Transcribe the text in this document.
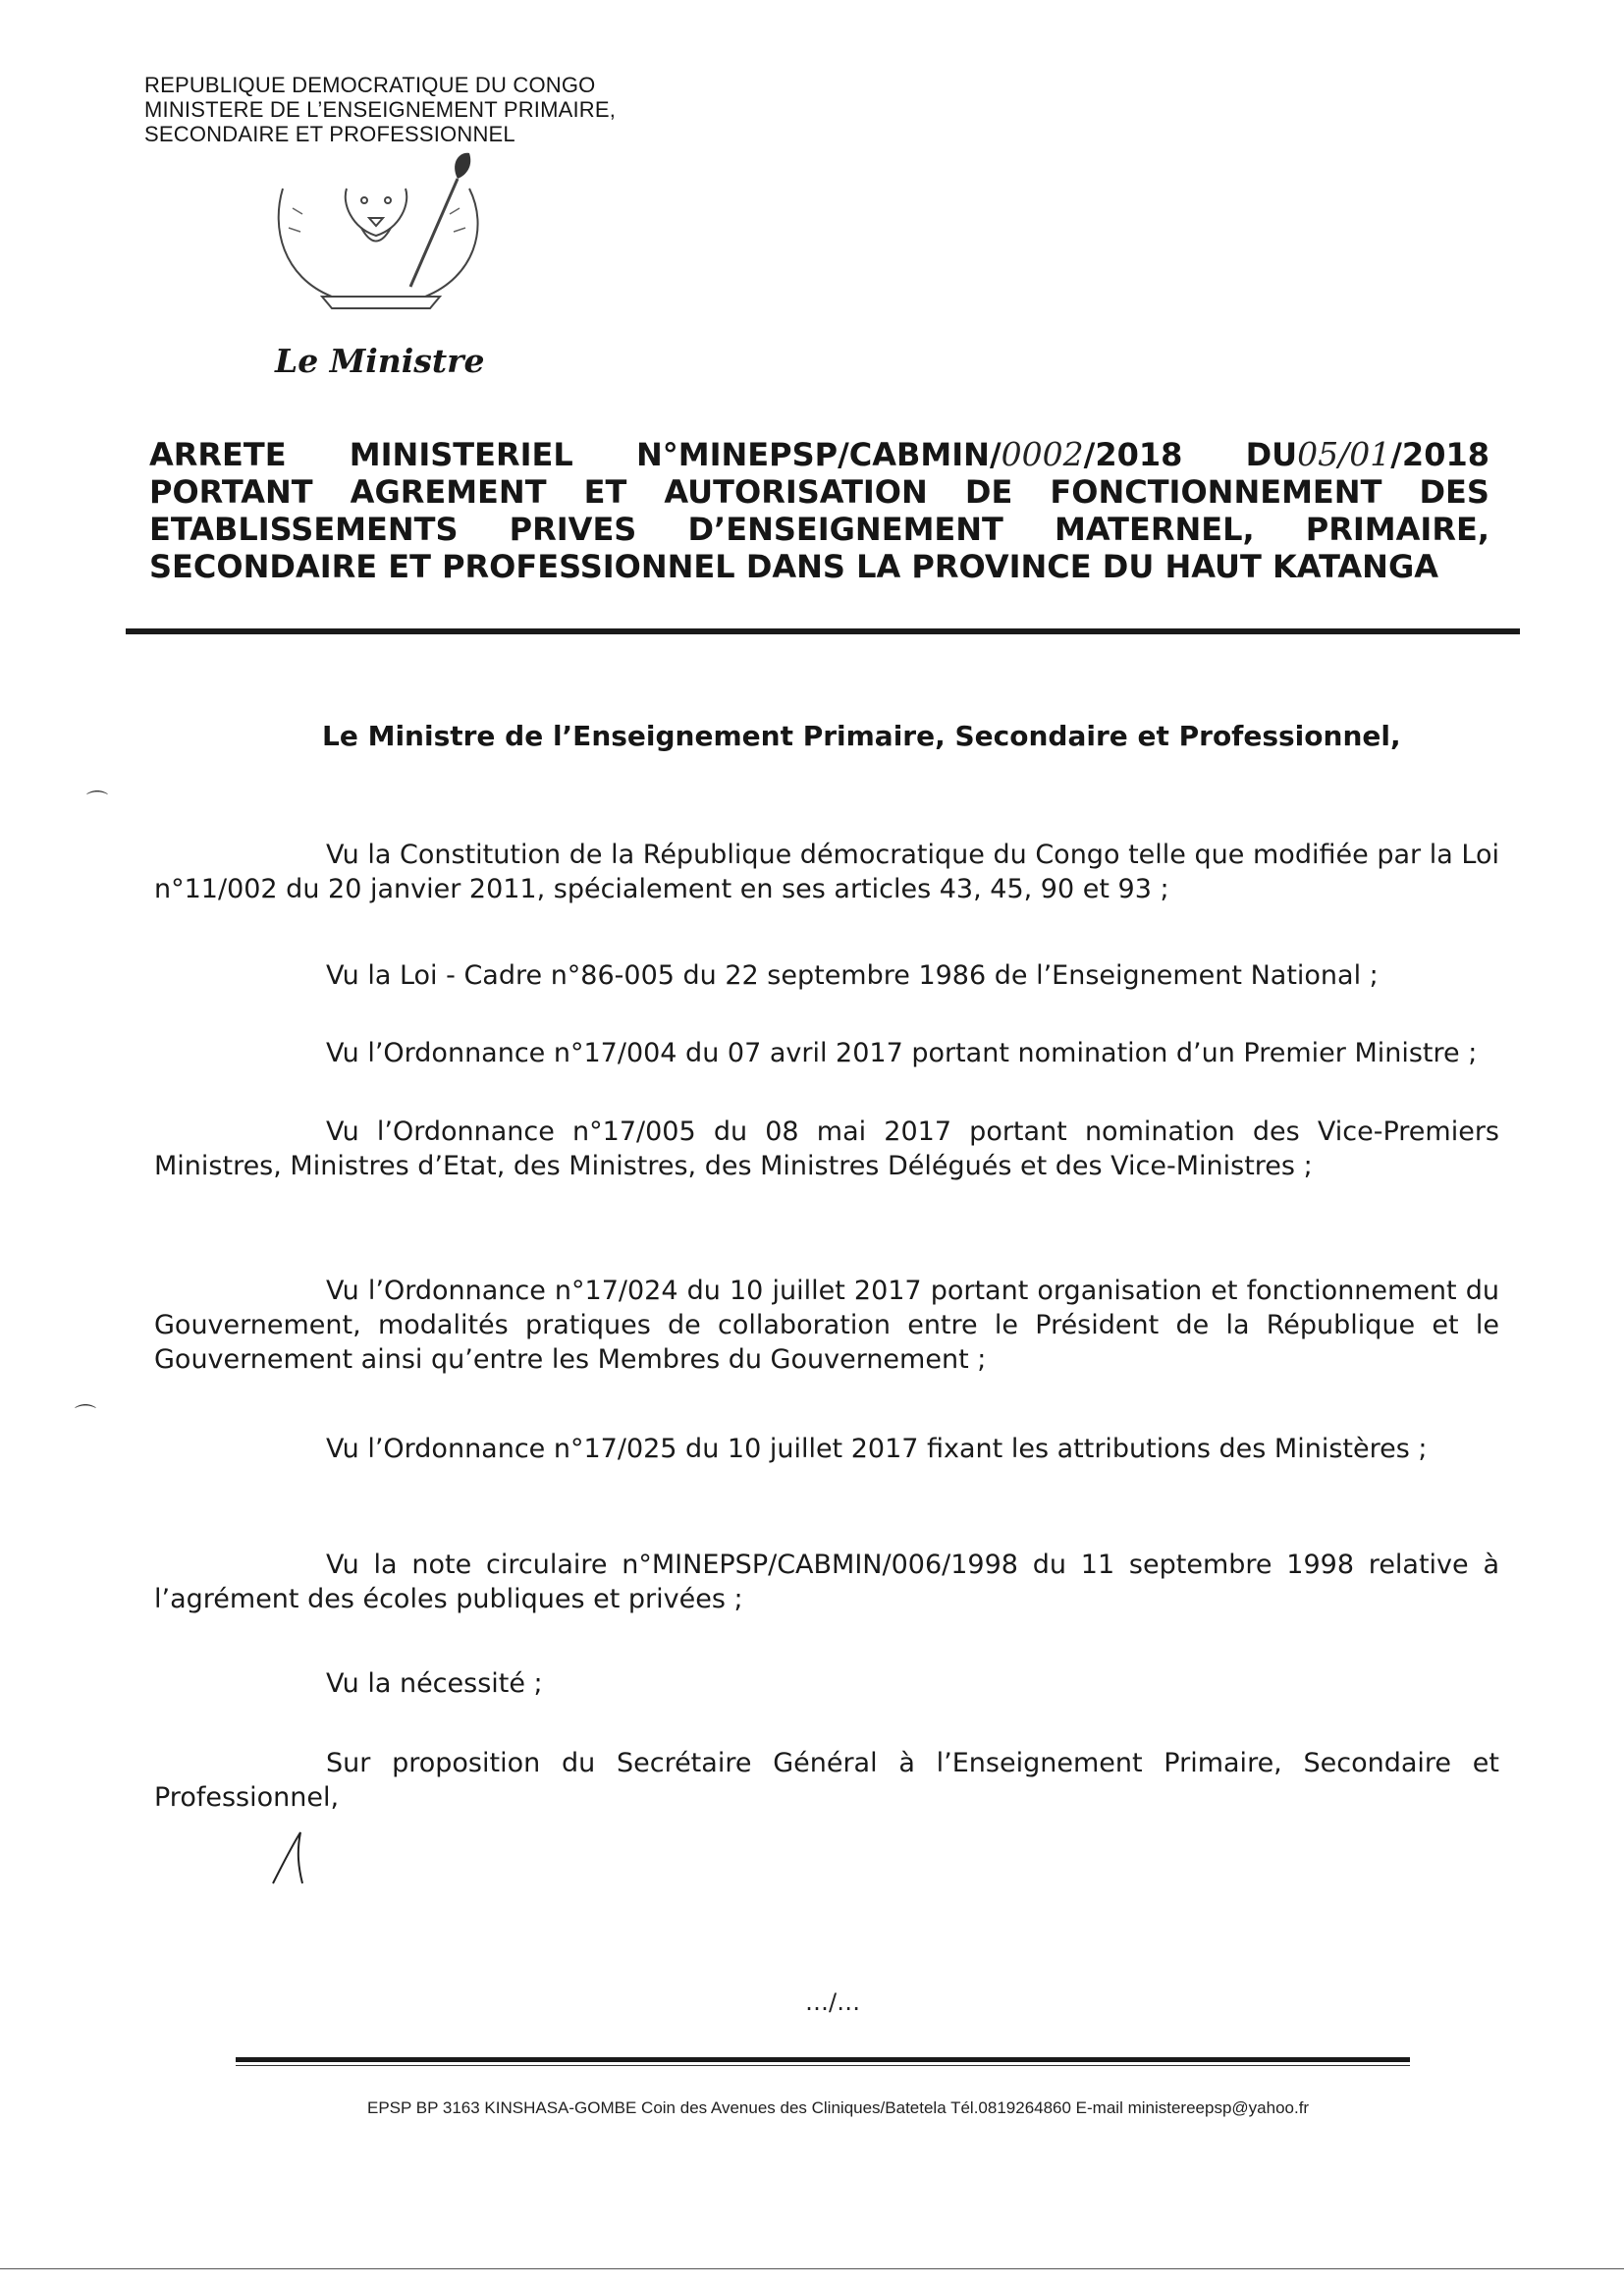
REPUBLIQUE DEMOCRATIQUE DU CONGO
MINISTERE DE L’ENSEIGNEMENT PRIMAIRE,
SECONDAIRE ET PROFESSIONNEL
Le Ministre
ARRETE MINISTERIEL N°MINEPSP/CABMIN/0002/2018 DU05/01/2018
PORTANT AGREMENT ET AUTORISATION DE FONCTIONNEMENT DES
ETABLISSEMENTS PRIVES D’ENSEIGNEMENT MATERNEL, PRIMAIRE,
SECONDAIRE ET PROFESSIONNEL DANS LA PROVINCE DU HAUT KATANGA
Le Ministre de l’Enseignement Primaire, Secondaire et Professionnel,
⌒
⌒

Vu la Constitution de la République démocratique du Congo telle que modifiée par la Loi n°11/002 du 20 janvier 2011, spécialement en ses articles 43, 45, 90 et 93 ;

Vu la Loi - Cadre n°86-005 du 22 septembre 1986 de l’Enseignement National ;

Vu l’Ordonnance n°17/004 du 07 avril 2017 portant nomination d’un Premier Ministre ;

Vu l’Ordonnance n°17/005 du 08 mai 2017 portant nomination des Vice-Premiers Ministres, Ministres d’Etat, des Ministres, des Ministres Délégués et des Vice-Ministres ;

Vu l’Ordonnance n°17/024 du 10 juillet 2017 portant organisation et fonctionnement du Gouvernement, modalités pratiques de collaboration entre le Président de la République et le Gouvernement ainsi qu’entre les Membres du Gouvernement ;

Vu l’Ordonnance n°17/025 du 10 juillet 2017 fixant les attributions des Ministères ;

Vu la note circulaire n°MINEPSP/CABMIN/006/1998 du 11 septembre 1998 relative à l’agrément des écoles publiques et privées ;

Vu la nécessité ;

Sur proposition du Secrétaire Général à l’Enseignement Primaire, Secondaire et Professionnel,

…/…
EPSP BP 3163 KINSHASA-GOMBE Coin des Avenues des Cliniques/Batetela Tél.0819264860 E-mail ministereepsp@yahoo.fr
